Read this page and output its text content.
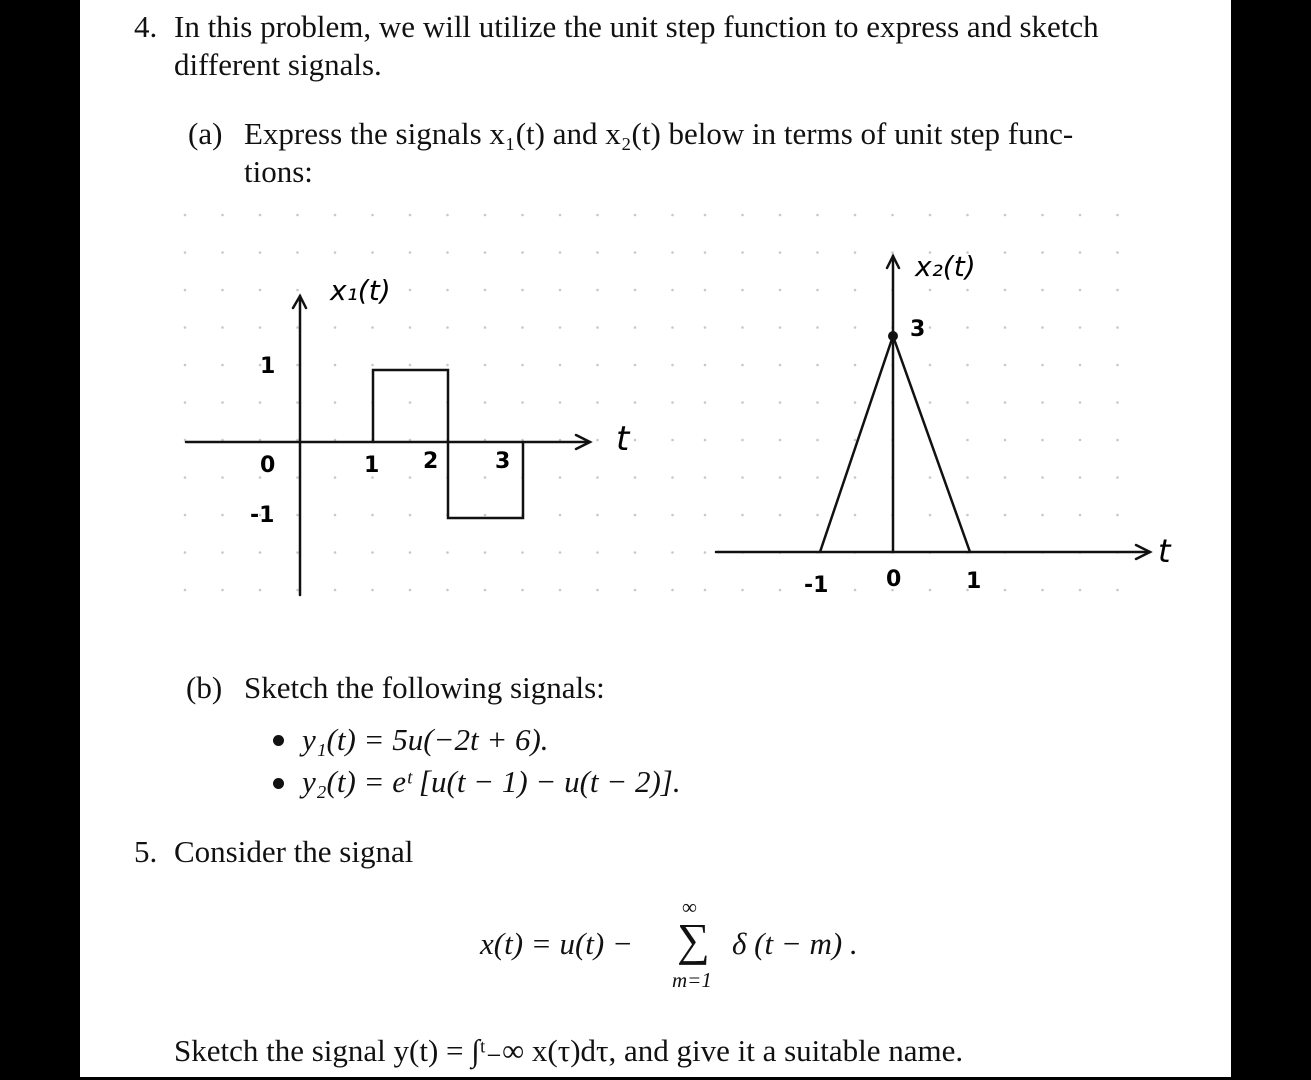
4. In this problem, we will utilize the unit step function to express and sketch
different signals.
(a) Express the signals x₁(t) and x₂(t) below in terms of unit step func-
tions:
x₁(t)
t
1
0
-1
1 2	3
x₂(t)
3
t
-1	0	1
(b) Sketch the following signals:
y₁(t) = 5u(−2t + 6).
y₂(t) = eᵗ [u(t − 1) − u(t − 2)].
5. Consider the signal
x(t) = u(t) −
∞
∑
m=1
δ (t − m) .
Sketch the signal y(t) = ∫ᵗ₋∞ x(τ)dτ, and give it a suitable name.
